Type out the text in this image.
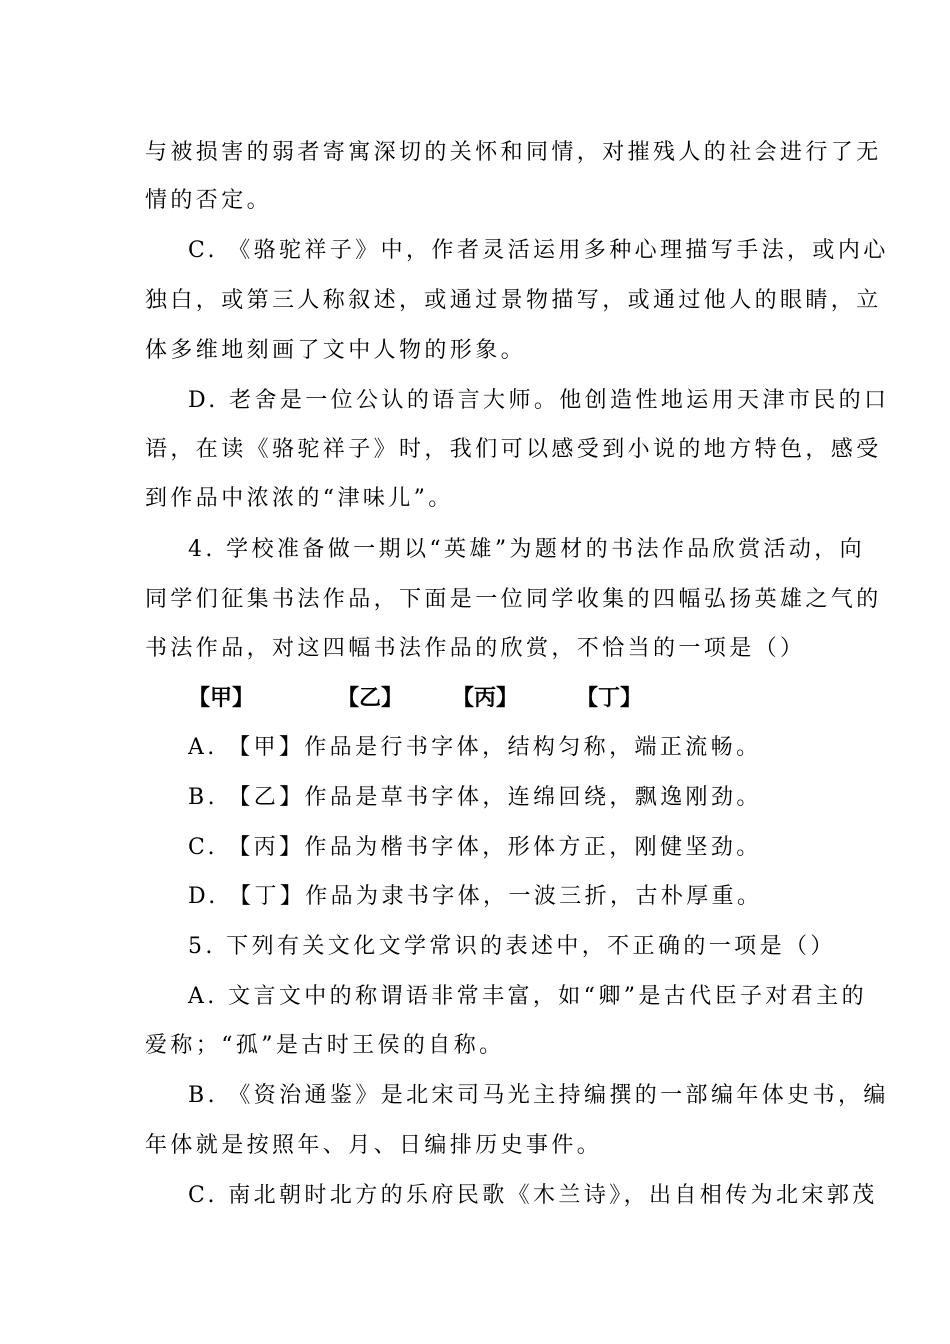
与被损害的弱者寄寓深切的关怀和同情，对摧残人的社会进行了无
情的否定。
C. 《骆驼祥子》中，作者灵活运用多种心理描写手法，或内心
独白，或第三人称叙述，或通过景物描写，或通过他人的眼睛，立
体多维地刻画了文中人物的形象。
D. 老舍是一位公认的语言大师。他创造性地运用天津市民的口
语，在读《骆驼祥子》时，我们可以感受到小说的地方特色，感受
到作品中浓浓的“津味儿”。
4. 学校准备做一期以“英雄”为题材的书法作品欣赏活动，向
同学们征集书法作品，下面是一位同学收集的四幅弘扬英雄之气的
书法作品，对这四幅书法作品的欣赏，不恰当的一项是（）
【甲】	【乙】 【丙】	【丁】
A. 【甲】作品是行书字体，结构匀称，端正流畅。
B. 【乙】作品是草书字体，连绵回绕，飘逸刚劲。
C. 【丙】作品为楷书字体，形体方正，刚健坚劲。
D. 【丁】作品为隶书字体，一波三折，古朴厚重。
5. 下列有关文化文学常识的表述中，不正确的一项是（）
A. 文言文中的称谓语非常丰富，如“卿”是古代臣子对君主的
爱称；“孤”是古时王侯的自称。
B. 《资治通鉴》是北宋司马光主持编撰的一部编年体史书，编
年体就是按照年、月、日编排历史事件。
C. 南北朝时北方的乐府民歌《木兰诗》，出自相传为北宋郭茂
